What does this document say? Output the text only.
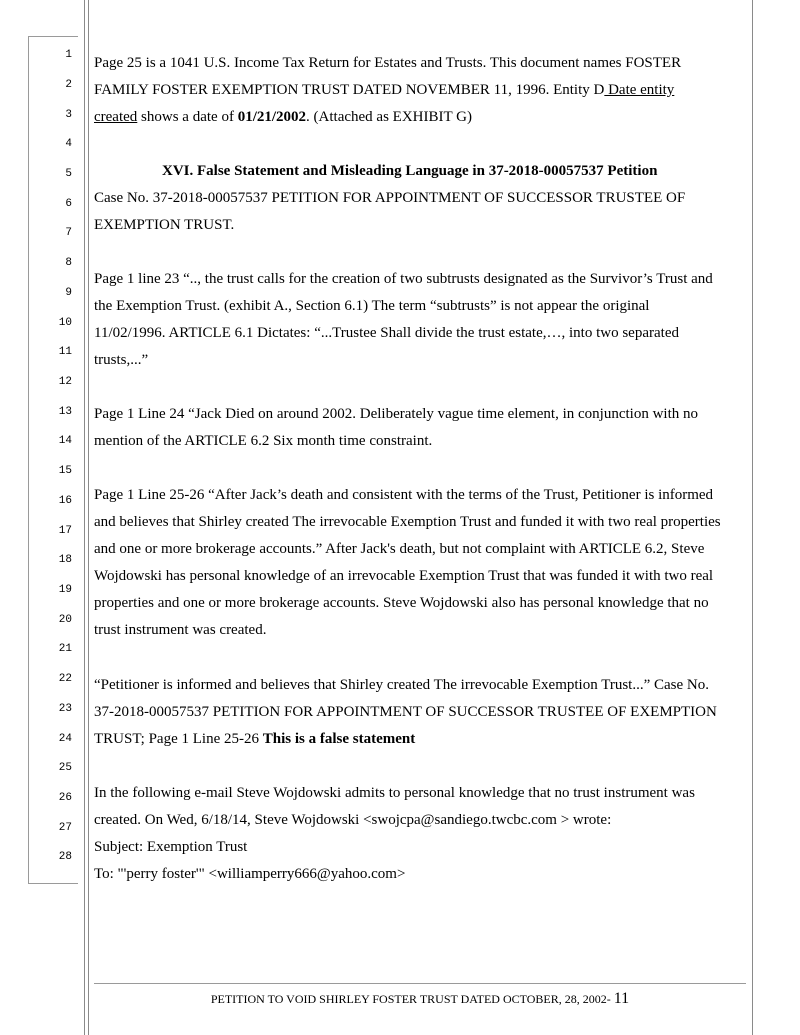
1
2
3
4
5
6
7
8
9
10
11
12
13
14
15
16
17
18
19
20
21
22
23
24
25
26
27
28
Page 25 is a 1041 U.S. Income Tax Return for Estates and Trusts. This document names FOSTER
FAMILY FOSTER EXEMPTION TRUST DATED NOVEMBER 11, 1996. Entity D Date entity
created shows a date of 01/21/2002. (Attached as EXHIBIT G)
XVI. False Statement and Misleading Language in 37-2018-00057537 Petition
Case No. 37-2018-00057537 PETITION FOR APPOINTMENT OF SUCCESSOR TRUSTEE OF
EXEMPTION TRUST.
Page 1 line 23 “.., the trust calls for the creation of two subtrusts designated as the Survivor’s Trust and
the Exemption Trust. (exhibit A., Section 6.1) The term “subtrusts” is not appear the original
11/02/1996. ARTICLE 6.1 Dictates: “...Trustee Shall divide the trust estate,…, into two separated
trusts,...”
Page 1 Line 24 “Jack Died on around 2002. Deliberately vague time element, in conjunction with no
mention of the ARTICLE 6.2 Six month time constraint.
Page 1 Line 25-26 “After Jack’s death and consistent with the terms of the Trust, Petitioner is informed
and believes that Shirley created The irrevocable Exemption Trust and funded it with two real properties
and one or more brokerage accounts.” After Jack's death, but not complaint with ARTICLE 6.2, Steve
Wojdowski has personal knowledge of an irrevocable Exemption Trust that was funded it with two real
properties and one or more brokerage accounts. Steve Wojdowski also has personal knowledge that no
trust instrument was created.
“Petitioner is informed and believes that Shirley created The irrevocable Exemption Trust...” Case No.
37-2018-00057537 PETITION FOR APPOINTMENT OF SUCCESSOR TRUSTEE OF EXEMPTION
TRUST; Page 1 Line 25-26 This is a false statement
In the following e-mail Steve Wojdowski admits to personal knowledge that no trust instrument was
created. On Wed, 6/18/14, Steve Wojdowski <swojcpa@sandiego.twcbc.com > wrote:
Subject: Exemption Trust
To: "'perry foster'" <williamperry666@yahoo.com>
PETITION TO VOID SHIRLEY FOSTER TRUST DATED OCTOBER, 28, 2002- 11
